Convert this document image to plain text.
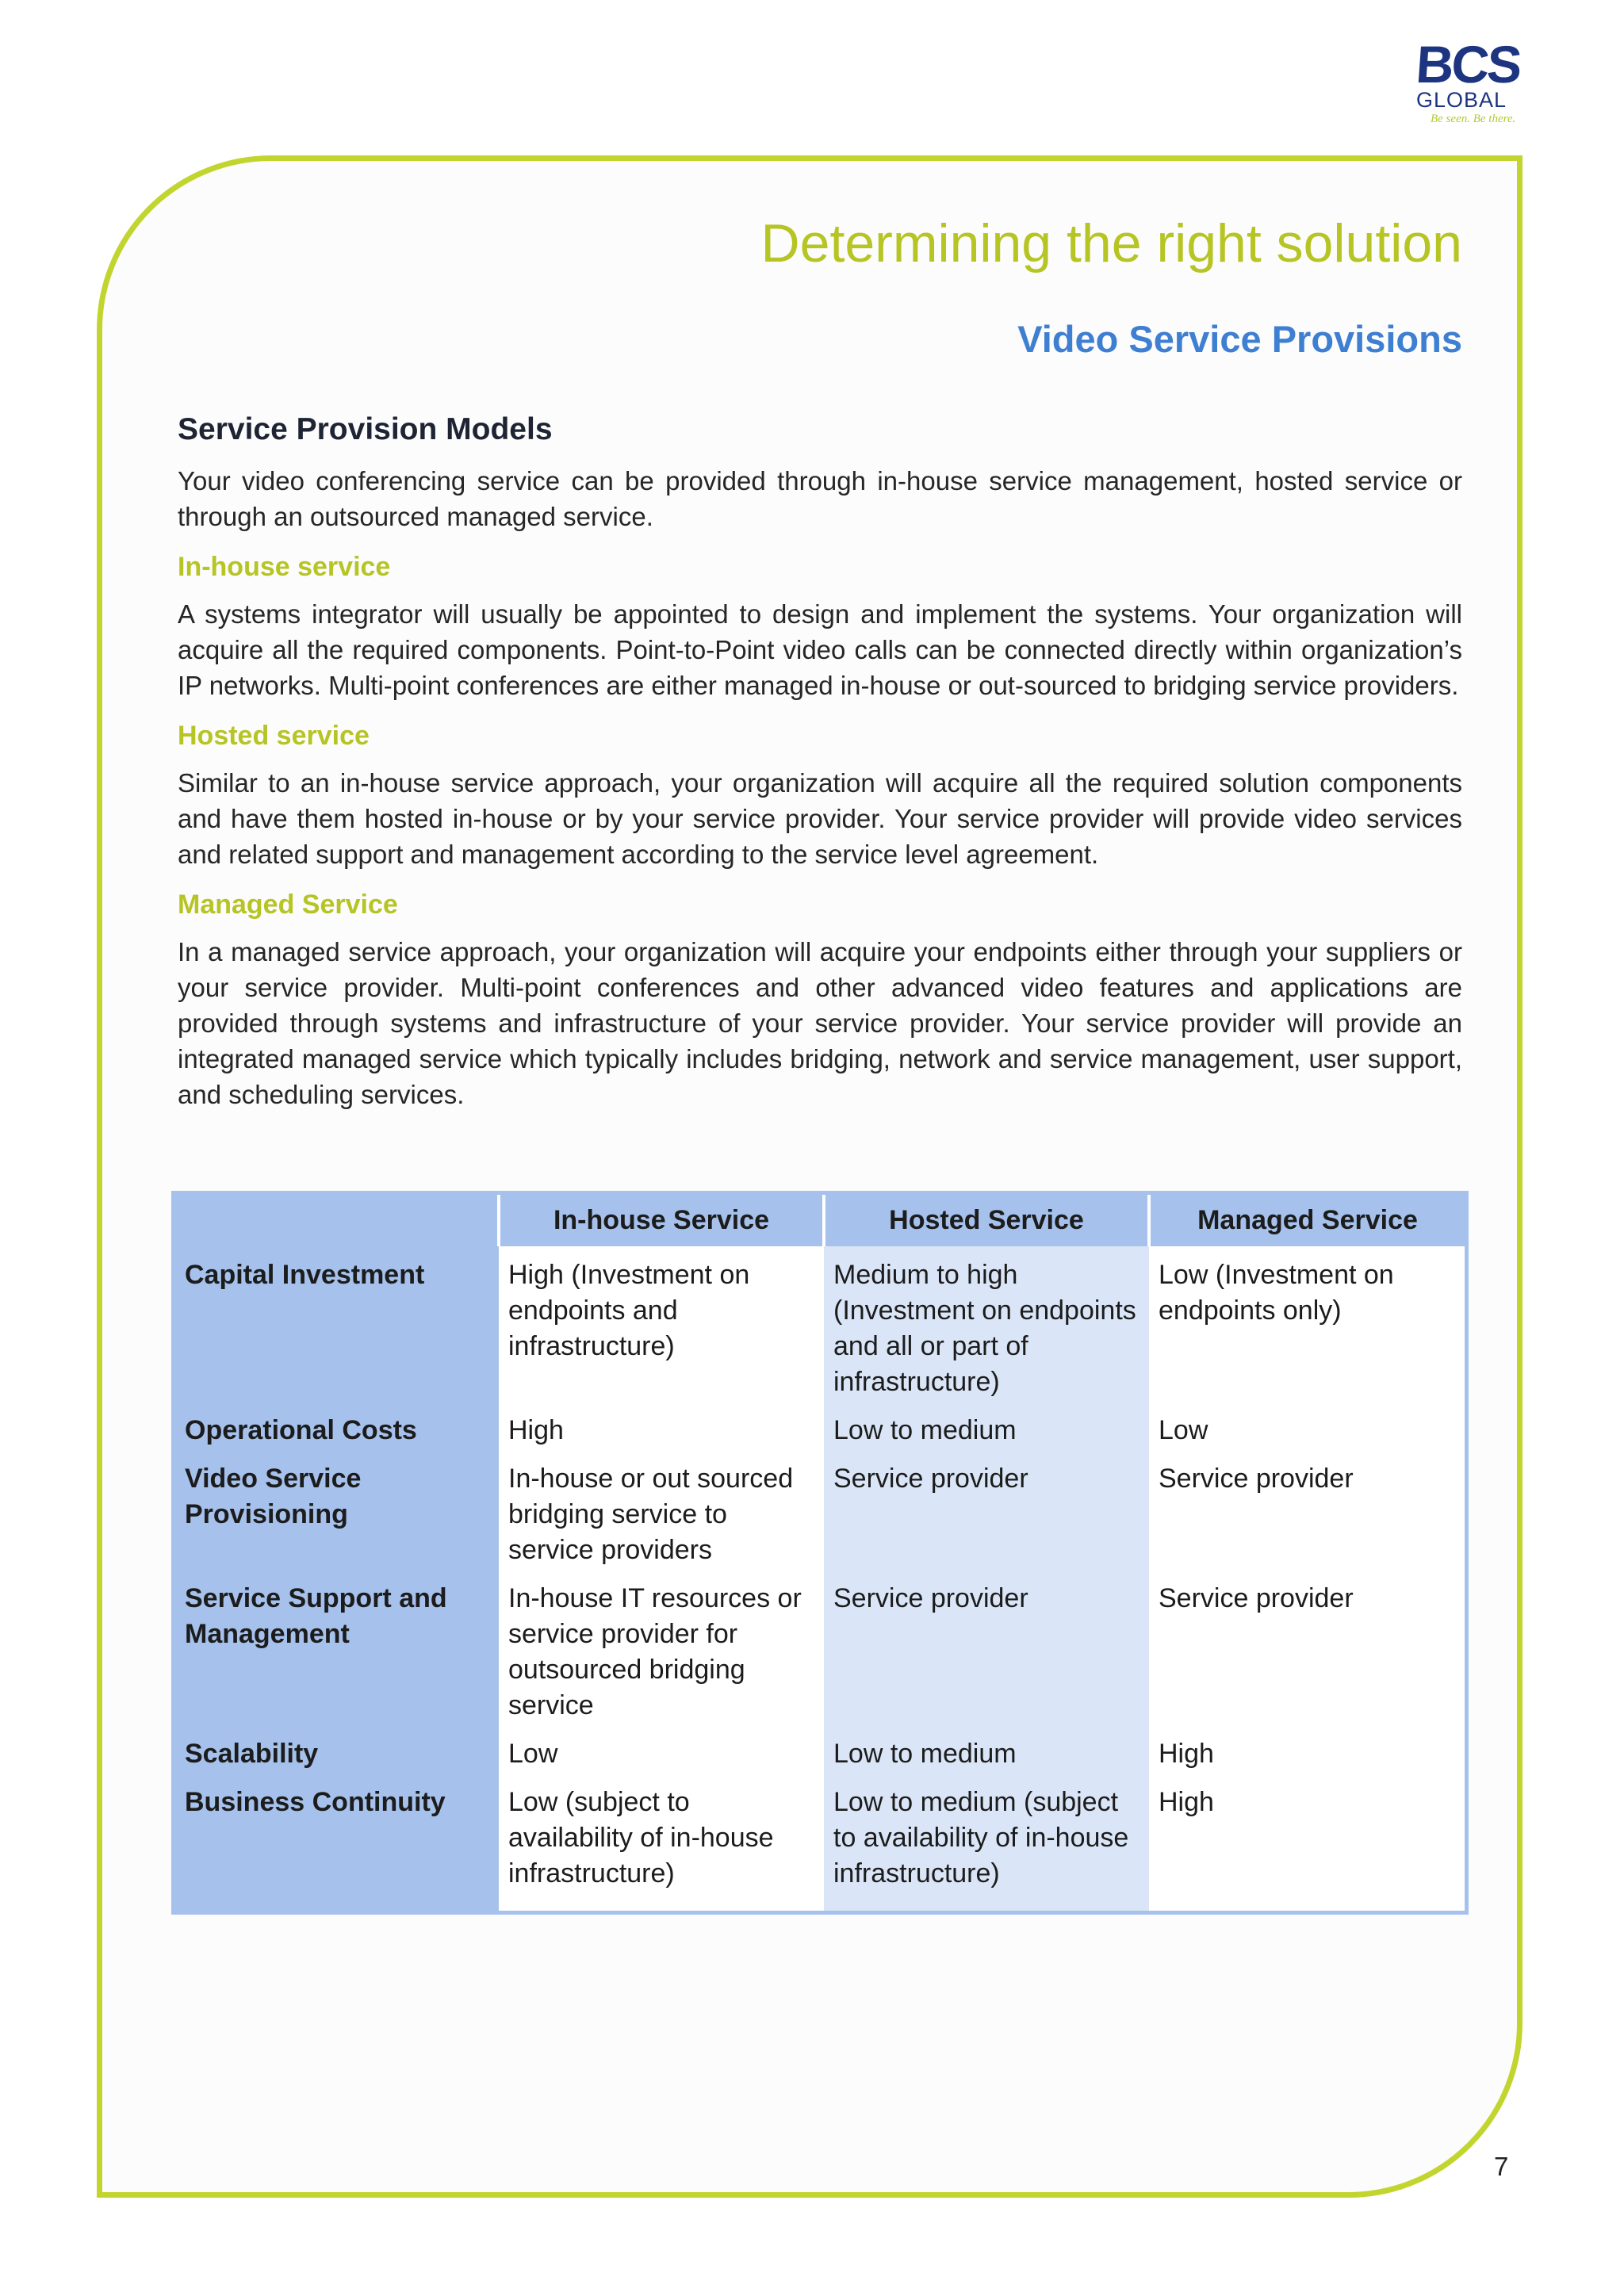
BCS
GLOBAL
Be seen. Be there.
Determining the right solution
Video Service Provisions
Service Provision Models

Your video conferencing service can be provided through in-house service management, hosted service or through an outsourced managed service.

In-house service

A systems integrator will usually be appointed to design and implement the systems. Your organization will acquire all the required components. Point-to-Point video calls can be connected directly within organization’s IP networks. Multi-point conferences are either managed in-house or out-sourced to bridging service providers.

Hosted service

Similar to an in-house service approach, your organization will acquire all the required solution components and have them hosted in-house or by your service provider. Your service provider will provide video services and related support and management according to the service level agreement.

Managed Service

In a managed service approach, your organization will acquire your endpoints either through your suppliers or your service provider. Multi-point conferences and other advanced video features and applications are provided through systems and infrastructure of your service provider. Your service provider will provide an integrated managed service which typically includes bridging, network and service management, user support, and scheduling services.

	In-house Service	Hosted Service	Managed Service
Capital Investment	High (Investment on endpoints and infrastructure)	Medium to high (Investment on endpoints and all or part of infrastructure)	Low (Investment on endpoints only)
Operational Costs	High	Low to medium	Low
Video Service Provisioning	In-house or out sourced bridging service to service providers	Service provider	Service provider
Service Support and Management	In-house IT resources or service provider for outsourced bridging service	Service provider	Service provider
Scalability	Low	Low to medium	High
Business Continuity	Low (subject to availability of in-house infrastructure)	Low to medium (subject to availability of in-house infrastructure)	High
7
